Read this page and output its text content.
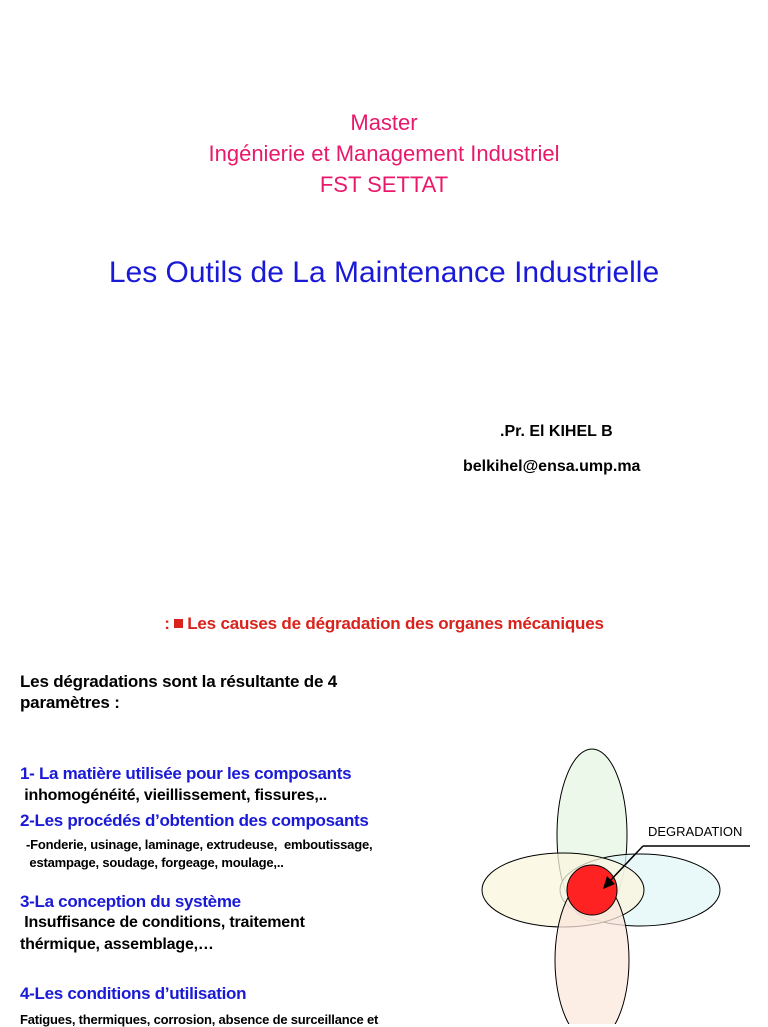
Master
Ingénierie et Management Industriel
FST SETTAT
Les Outils de La Maintenance Industrielle
.Pr. El KIHEL B
belkihel@ensa.ump.ma
: Les causes de dégradation des organes mécaniques
Les dégradations sont la résultante de 4 paramètres :
1- La matière utilisée pour les composants
inhomogénéité, vieillissement, fissures,..
2-Les procédés d’obtention des composants
-Fonderie, usinage, laminage, extrudeuse,  emboutissage,
estampage, soudage, forgeage, moulage,..
3-La conception du système
Insuffisance de conditions, traitement
thérmique, assemblage,…
4-Les conditions d’utilisation
Fatigues, thermiques, corrosion, absence de surceillance et
DEGRADATION
